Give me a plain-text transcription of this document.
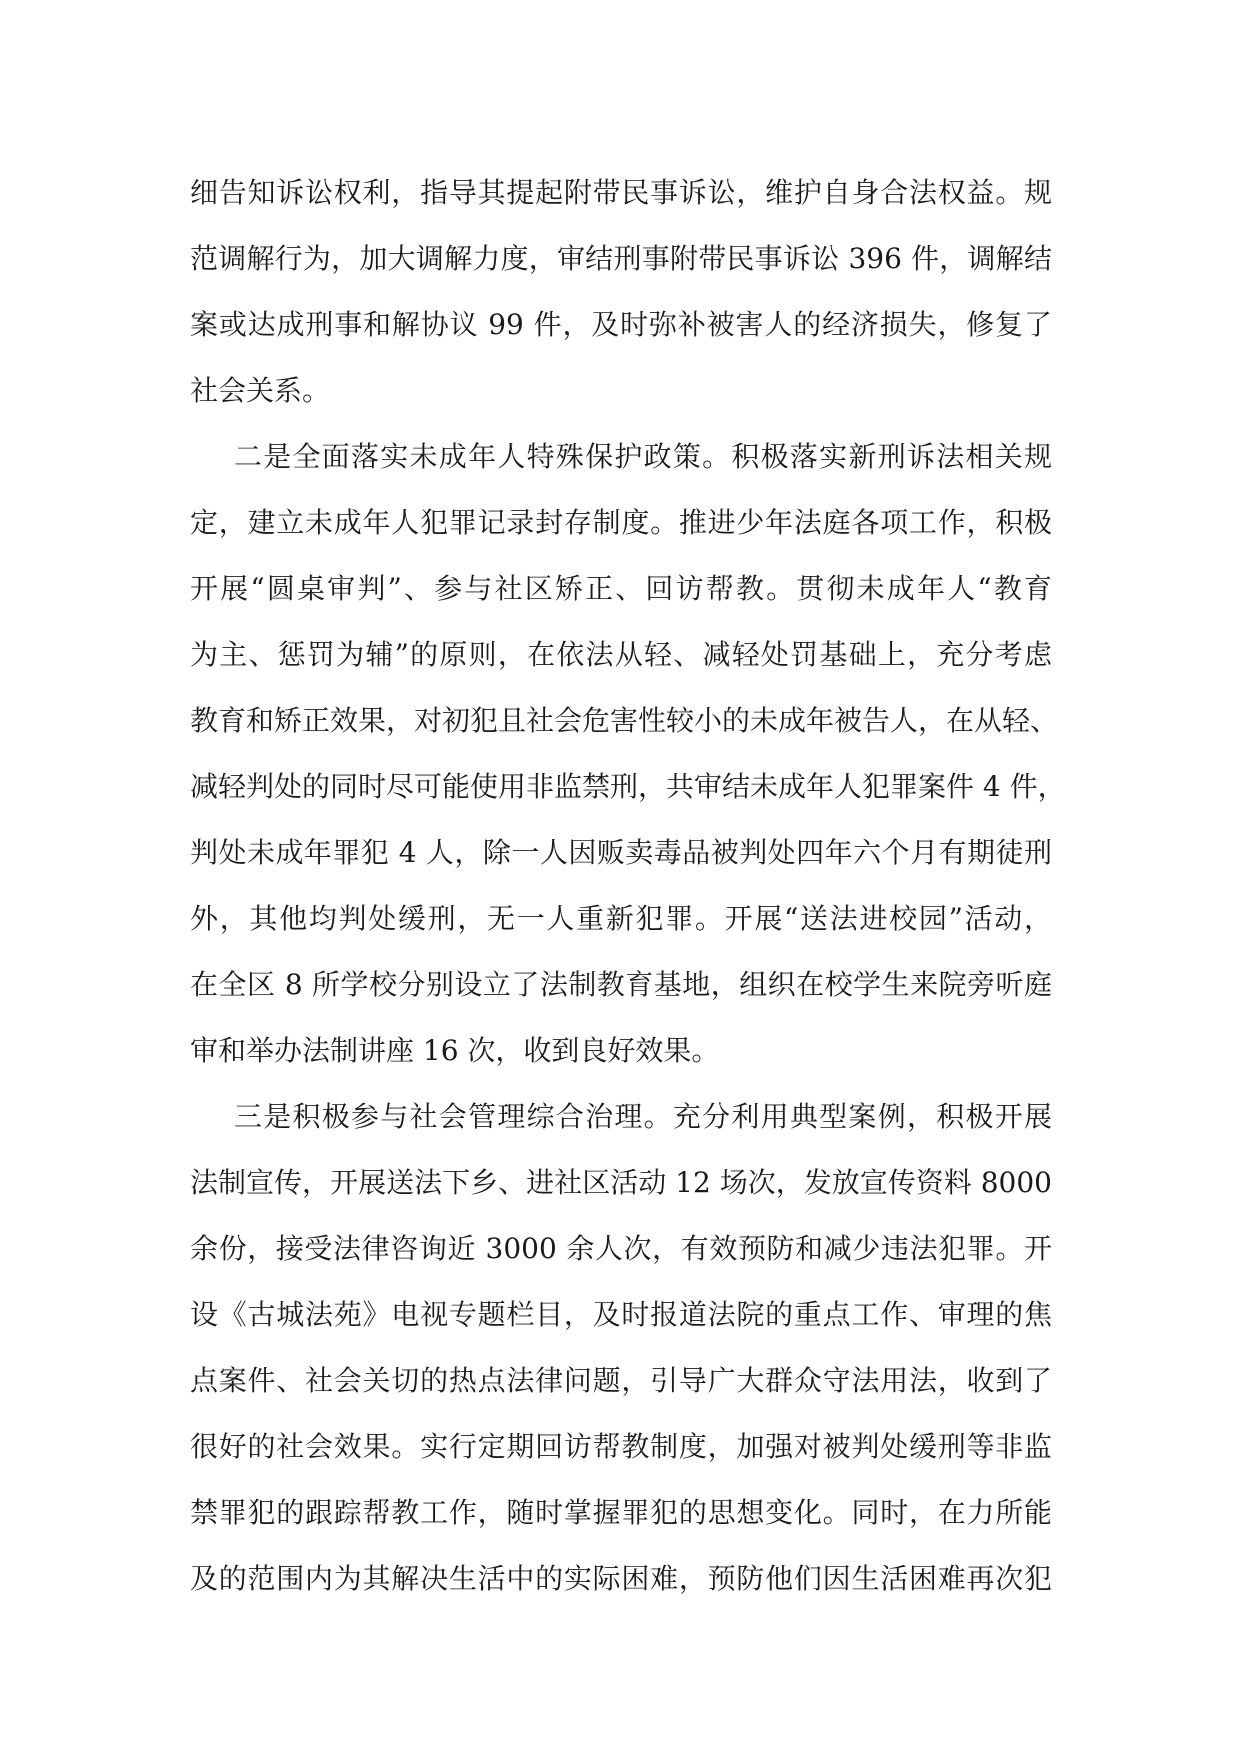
细告知诉讼权利，指导其提起附带民事诉讼，维护自身合法权益。规
范调解行为，加大调解力度，审结刑事附带民事诉讼 396 件，调解结
案或达成刑事和解协议 99 件，及时弥补被害人的经济损失，修复了
社会关系。
二是全面落实未成年人特殊保护政策。积极落实新刑诉法相关规
定，建立未成年人犯罪记录封存制度。推进少年法庭各项工作，积极
开展“圆桌审判”、参与社区矫正、回访帮教。贯彻未成年人“教育
为主、惩罚为辅”的原则，在依法从轻、减轻处罚基础上，充分考虑
教育和矫正效果，对初犯且社会危害性较小的未成年被告人，在从轻、
减轻判处的同时尽可能使用非监禁刑，共审结未成年人犯罪案件 4 件，
判处未成年罪犯 4 人，除一人因贩卖毒品被判处四年六个月有期徒刑
外，其他均判处缓刑，无一人重新犯罪。开展“送法进校园”活动，
在全区 8 所学校分别设立了法制教育基地，组织在校学生来院旁听庭
审和举办法制讲座 16 次，收到良好效果。
三是积极参与社会管理综合治理。充分利用典型案例，积极开展
法制宣传，开展送法下乡、进社区活动 12 场次，发放宣传资料 8000
余份，接受法律咨询近 3000 余人次，有效预防和减少违法犯罪。开
设《古城法苑》电视专题栏目，及时报道法院的重点工作、审理的焦
点案件、社会关切的热点法律问题，引导广大群众守法用法，收到了
很好的社会效果。实行定期回访帮教制度，加强对被判处缓刑等非监
禁罪犯的跟踪帮教工作，随时掌握罪犯的思想变化。同时，在力所能
及的范围内为其解决生活中的实际困难，预防他们因生活困难再次犯
